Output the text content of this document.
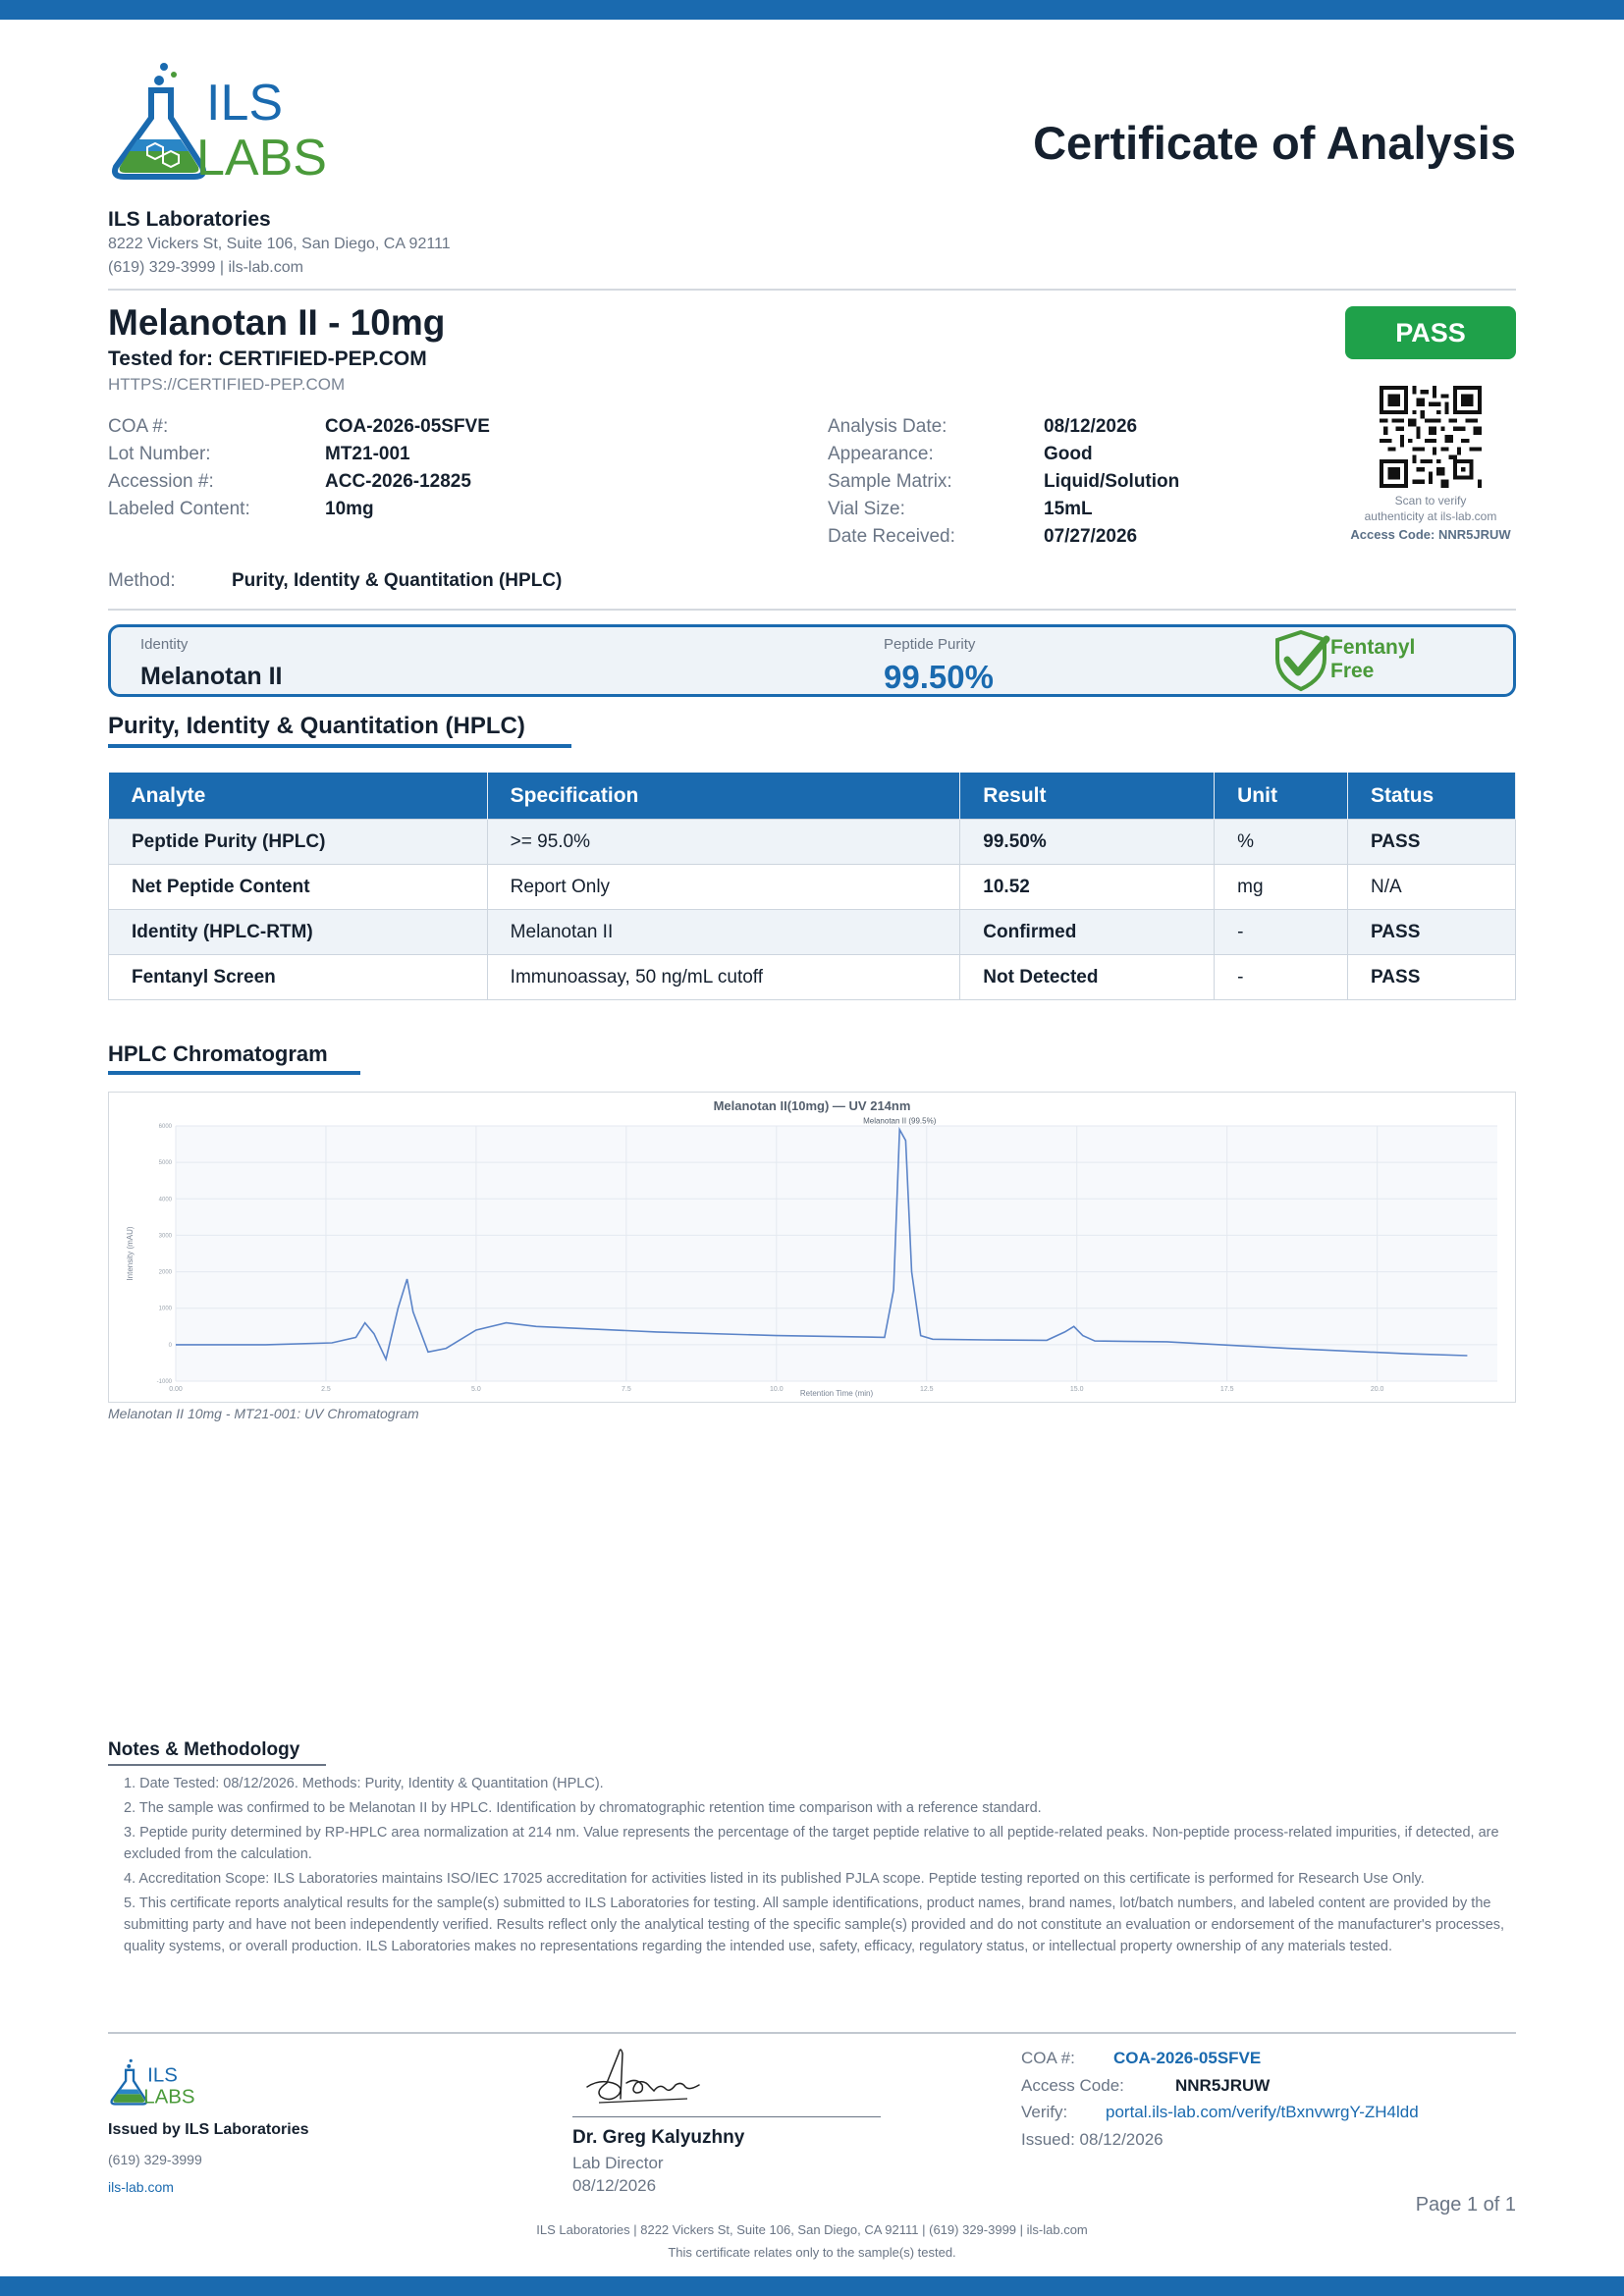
ILS
LABS	Certificate of Analysis
ILS Laboratories
8222 Vickers St, Suite 106, San Diego, CA 92111
(619) 329-3999 | ils-lab.com
Melanotan II - 10mg
Tested for: CERTIFIED-PEP.COM
HTTPS://CERTIFIED-PEP.COM
PASS
Scan to verify
authenticity at ils-lab.com
Access Code: NNR5JRUW
COA #:	COA-2026-05SFVE
Lot Number:	MT21-001
Accession #:	ACC-2026-12825
Labeled Content:	10mg
Analysis Date:	08/12/2026
Appearance:	Good
Sample Matrix:	Liquid/Solution
Vial Size:	15mL
Date Received:	07/27/2026
Method:	Purity, Identity & Quantitation (HPLC)
Identity
Melanotan II
Peptide Purity
99.50%
Fentanyl
Free
Purity, Identity & Quantitation (HPLC)
Analyte	Specification	Result	Unit	Status
Peptide Purity (HPLC)	>= 95.0%	99.50%	%	PASS
Net Peptide Content	Report Only	10.52	mg	N/A
Identity (HPLC-RTM)	Melanotan II	Confirmed	-	PASS
Fentanyl Screen	Immunoassay, 50 ng/mL cutoff	Not Detected	-	PASS
HPLC Chromatogram
0.00	2.5	5.0	7.5	10.0	12.5	15.0	17.5	20.0
-1000
0
1000
2000
3000
4000
5000
6000
Melanotan II(10mg) — UV 214nm
Melanotan II (99.5%)
Retention Time (min)
Intensity (mAU)
Melanotan II 10mg - MT21-001: UV Chromatogram
Notes & Methodology
1. Date Tested: 08/12/2026. Methods: Purity, Identity & Quantitation (HPLC).
2. The sample was confirmed to be Melanotan II by HPLC. Identification by chromatographic retention time comparison with a reference standard.
3. Peptide purity determined by RP-HPLC area normalization at 214 nm. Value represents the percentage of the target peptide relative to all peptide-related peaks. Non-peptide process-related impurities, if detected, are excluded from the calculation.
4. Accreditation Scope: ILS Laboratories maintains ISO/IEC 17025 accreditation for activities listed in its published PJLA scope. Peptide testing reported on this certificate is performed for Research Use Only.
5. This certificate reports analytical results for the sample(s) submitted to ILS Laboratories for testing. All sample identifications, product names, brand names, lot/batch numbers, and labeled content are provided by the submitting party and have not been independently verified. Results reflect only the analytical testing of the specific sample(s) provided and do not constitute an evaluation or endorsement of the manufacturer's processes, quality systems, or overall production. ILS Laboratories makes no representations regarding the intended use, safety, efficacy, regulatory status, or intellectual property ownership of any materials tested.
ILS
LABS
Issued by ILS Laboratories
(619) 329-3999
ils-lab.com
Dr. Greg Kalyuzhny
Lab Director
08/12/2026
COA #: COA-2026-05SFVE
Access Code:	NNR5JRUW
Verify: portal.ils-lab.com/verify/tBxnvwrgY-ZH4ldd
Issued: 08/12/2026
Page 1 of 1
ILS Laboratories | 8222 Vickers St, Suite 106, San Diego, CA 92111 | (619) 329-3999 | ils-lab.com
This certificate relates only to the sample(s) tested.
